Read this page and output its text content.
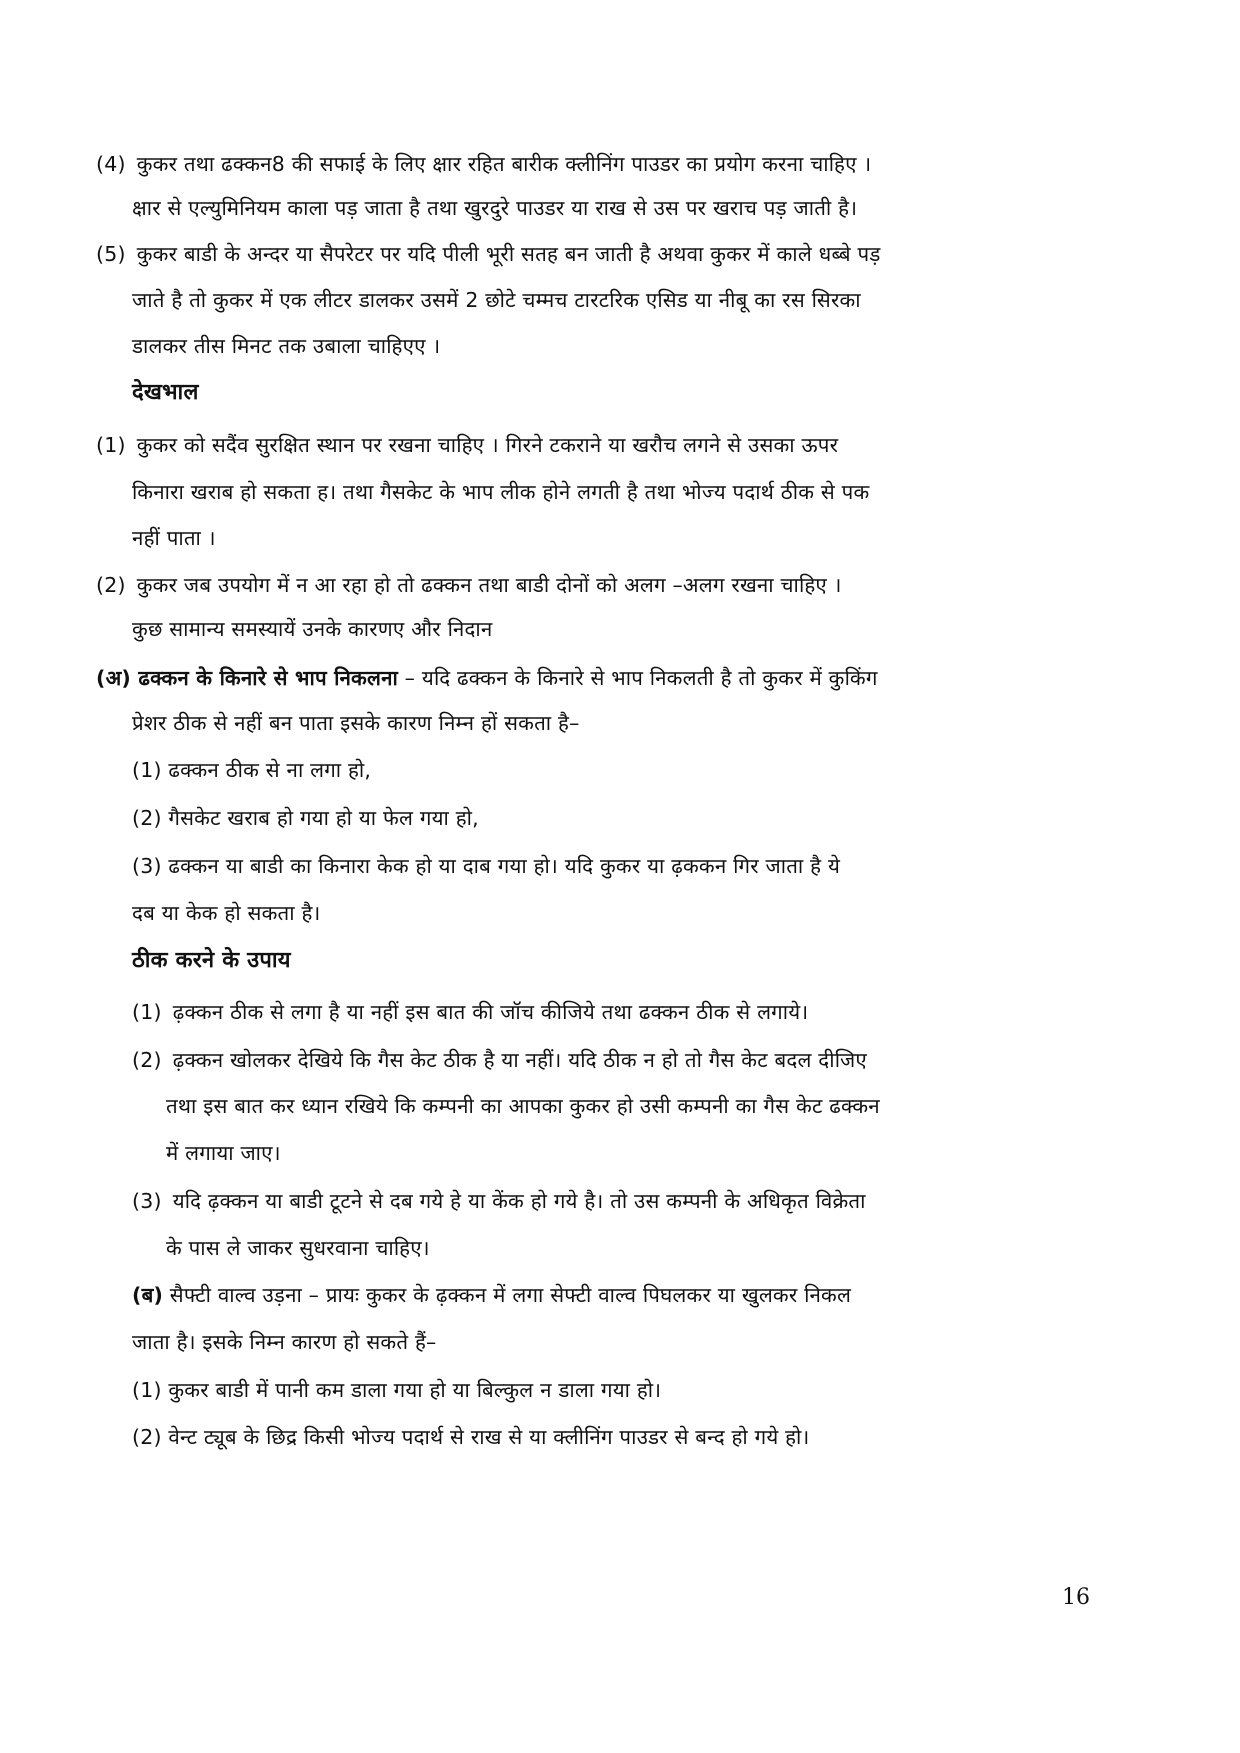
(4) कुकर तथा ढक्कन8 की सफाई के लिए क्षार रहित बारीक क्लीनिंग पाउडर का प्रयोग करना चाहिए ।
क्षार से एल्युमिनियम काला पड़ जाता है तथा खुरदुरे पाउडर या राख से उस पर खराच पड़ जाती है।
(5) कुकर बाडी के अन्दर या सैपरेटर पर यदि पीली भूरी सतह बन जाती है अथवा कुकर में काले धब्बे पड़
जाते है तो कुकर में एक लीटर डालकर उसमें 2 छोटे चम्मच टारटरिक एसिड या नीबू का रस सिरका
डालकर तीस मिनट तक उबाला चाहिएए ।
देखभाल
(1) कुकर को सदैंव सुरक्षित स्थान पर रखना चाहिए । गिरने टकराने या खरौच लगने से उसका ऊपर
किनारा खराब हो सकता ह। तथा गैसकेट के भाप लीक होने लगती है तथा भोज्य पदार्थ ठीक से पक
नहीं पाता ।
(2) कुकर जब उपयोग में न आ रहा हो तो ढक्कन तथा बाडी दोनों को अलग –अलग रखना चाहिए ।
कुछ सामान्य समस्यायें उनके कारणए और निदान
(अ) ढक्कन के किनारे से भाप निकलना – यदि ढक्कन के किनारे से भाप निकलती है तो कुकर में कुकिंग
प्रेशर ठीक से नहीं बन पाता इसके कारण निम्न हों सकता है–
(1) ढक्कन ठीक से ना लगा हो,
(2) गैसकेट खराब हो गया हो या फेल गया हो,
(3) ढक्कन या बाडी का किनारा केक हो या दाब गया हो। यदि कुकर या ढ़ककन गिर जाता है ये
दब या केक हो सकता है।
ठीक करने के उपाय
(1) ढ़क्कन ठीक से लगा है या नहीं इस बात की जॉच कीजिये तथा ढक्कन ठीक से लगाये।
(2) ढ़क्कन खोलकर देखिये कि गैस केट ठीक है या नहीं। यदि ठीक न हो तो गैस केट बदल दीजिए
तथा इस बात कर ध्यान रखिये कि कम्पनी का आपका कुकर हो उसी कम्पनी का गैस केट ढक्कन
में लगाया जाए।
(3) यदि ढ़क्कन या बाडी टूटने से दब गये हे या केंक हो गये है। तो उस कम्पनी के अधिकृत विक्रेता
के पास ले जाकर सुधरवाना चाहिए।
(ब) सैफ्टी वाल्व उड़ना – प्रायः कुकर के ढ़क्कन में लगा सेफ्टी वाल्व पिघलकर या खुलकर निकल
जाता है। इसके निम्न कारण हो सकते हैं–
(1) कुकर बाडी में पानी कम डाला गया हो या बिल्कुल न डाला गया हो।
(2) वेन्ट ट्यूब के छिद्र किसी भोज्य पदार्थ से राख से या क्लीनिंग पाउडर से बन्द हो गये हो।
16
